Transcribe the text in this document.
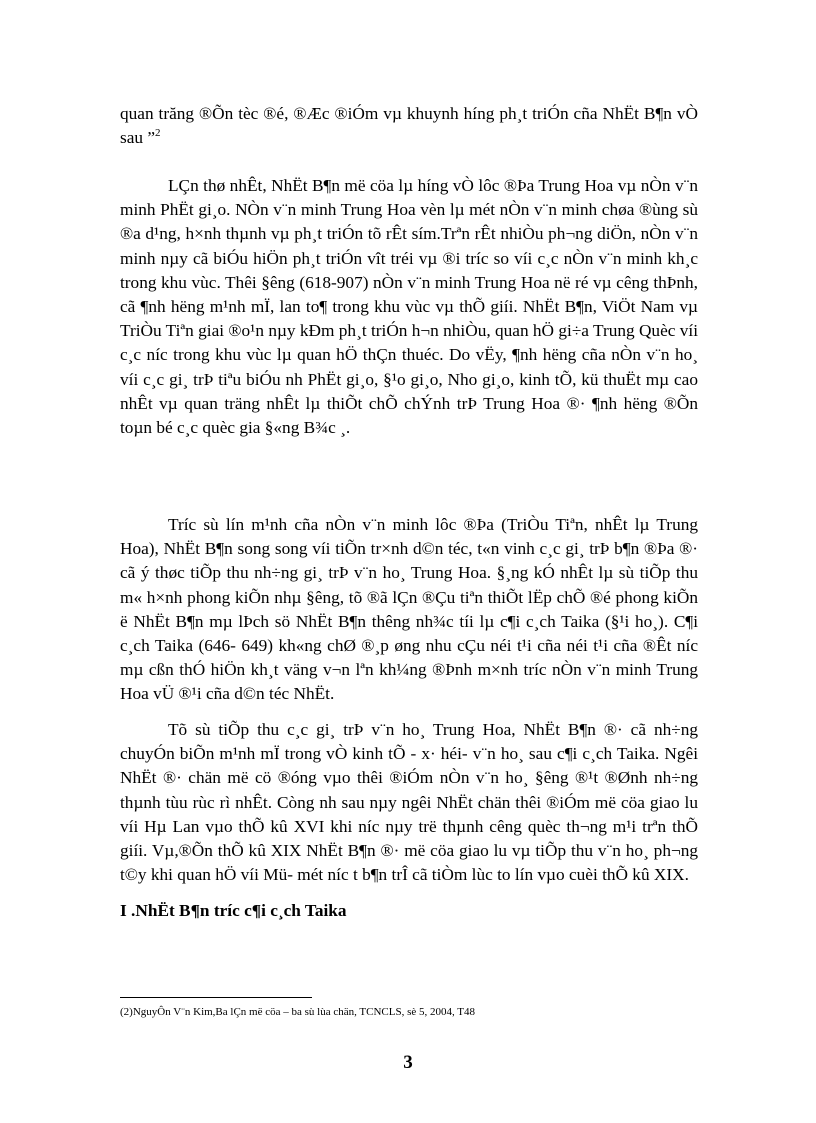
quan trăng ®Õn tèc ®é, ®Æc ®iÓm vµ khuynh híng ph¸t triÓn cña NhËt B¶n vÒ sau ”$^2$

LÇn thø nhÊt, NhËt B¶n më cöa lµ híng vÒ lôc ®Þa Trung Hoa vµ nÒn v¨n minh PhËt gi¸o. NÒn v¨n minh Trung Hoa vèn lµ mét nÒn v¨n minh chøa ®ùng sù ®a d¹ng, h×nh thµnh vµ ph¸t triÓn tõ rÊt sím.Trªn rÊt nhiÒu ph¬ng diÖn, nÒn v¨n minh nµy cã biÓu hiÖn ph¸t triÓn vît tréi vµ ®i tríc so víi c¸c nÒn v¨n minh kh¸c trong khu vùc. Thêi §êng (618-907) nÒn v¨n minh Trung Hoa në ré vµ cêng thÞnh, cã ¶nh hëng m¹nh mÏ, lan to¶ trong khu vùc vµ thÕ giíi. NhËt B¶n, ViÖt Nam vµ TriÒu Tiªn giai ®o¹n nµy kÐm ph¸t triÓn h¬n nhiÒu, quan hÖ gi÷a Trung Quèc víi c¸c níc trong khu vùc lµ quan hÖ thÇn thuéc. Do vËy, ¶nh hëng cña nÒn v¨n ho¸ víi c¸c gi¸ trÞ tiªu biÓu nh PhËt gi¸o, §¹o gi¸o, Nho gi¸o, kinh tÕ, kü thuËt mµ cao nhÊt vµ quan träng nhÊt lµ thiÕt chÕ chÝnh trÞ Trung Hoa ®· ¶nh hëng ®Õn toµn bé c¸c quèc gia §«ng B¾c ¸.

Tríc sù lín m¹nh cña nÒn v¨n minh lôc ®Þa (TriÒu Tiªn, nhÊt lµ Trung Hoa), NhËt B¶n song song víi tiÕn tr×nh d©n téc, t«n vinh c¸c gi¸ trÞ b¶n ®Þa ®· cã ý thøc tiÕp thu nh÷ng gi¸ trÞ v¨n ho¸ Trung Hoa. §¸ng kÓ nhÊt lµ sù tiÕp thu m« h×nh phong kiÕn nhµ §êng, tõ ®ã lÇn ®Çu tiªn thiÕt lËp chÕ ®é phong kiÕn ë NhËt B¶n mµ lÞch sö NhËt B¶n thêng nh¾c tíi lµ c¶i c¸ch Taika (§¹i ho¸). C¶i c¸ch Taika (646- 649) kh«ng chØ ®¸p øng nhu cÇu néi t¹i cña néi t¹i cña ®Êt níc mµ cßn thÓ hiÖn kh¸t väng v¬n lªn kh¼ng ®Þnh m×nh tríc nÒn v¨n minh Trung Hoa vÜ ®¹i cña d©n téc NhËt.

Tõ sù tiÕp thu c¸c gi¸ trÞ v¨n ho¸ Trung Hoa, NhËt B¶n ®· cã nh÷ng chuyÓn biÕn m¹nh mÏ trong vÒ kinh tÕ - x· héi- v¨n ho¸ sau c¶i c¸ch Taika. Ngêi NhËt ®· chän më cö ®óng vµo thêi ®iÓm nÒn v¨n ho¸ §êng ®¹t ®Ønh nh÷ng thµnh tùu rùc rì nhÊt. Còng nh sau nµy ngêi NhËt chän thêi ®iÓm më cöa giao lu víi Hµ Lan vµo thÕ kû XVI khi níc nµy trë thµnh cêng quèc th¬ng m¹i trªn thÕ giíi. Vµ,®Õn thÕ kû XIX NhËt B¶n ®· më cöa giao lu vµ tiÕp thu v¨n ho¸ ph¬ng t©y khi quan hÖ víi Mü- mét níc t b¶n trÎ cã tiÒm lùc to lín vµo cuèi thÕ kû XIX.

I .NhËt B¶n tríc c¶i c¸ch Taika

(2)NguyÔn V¨n Kim,Ba lÇn më cöa – ba sù lùa chän, TCNCLS, sè 5, 2004, T48

3
